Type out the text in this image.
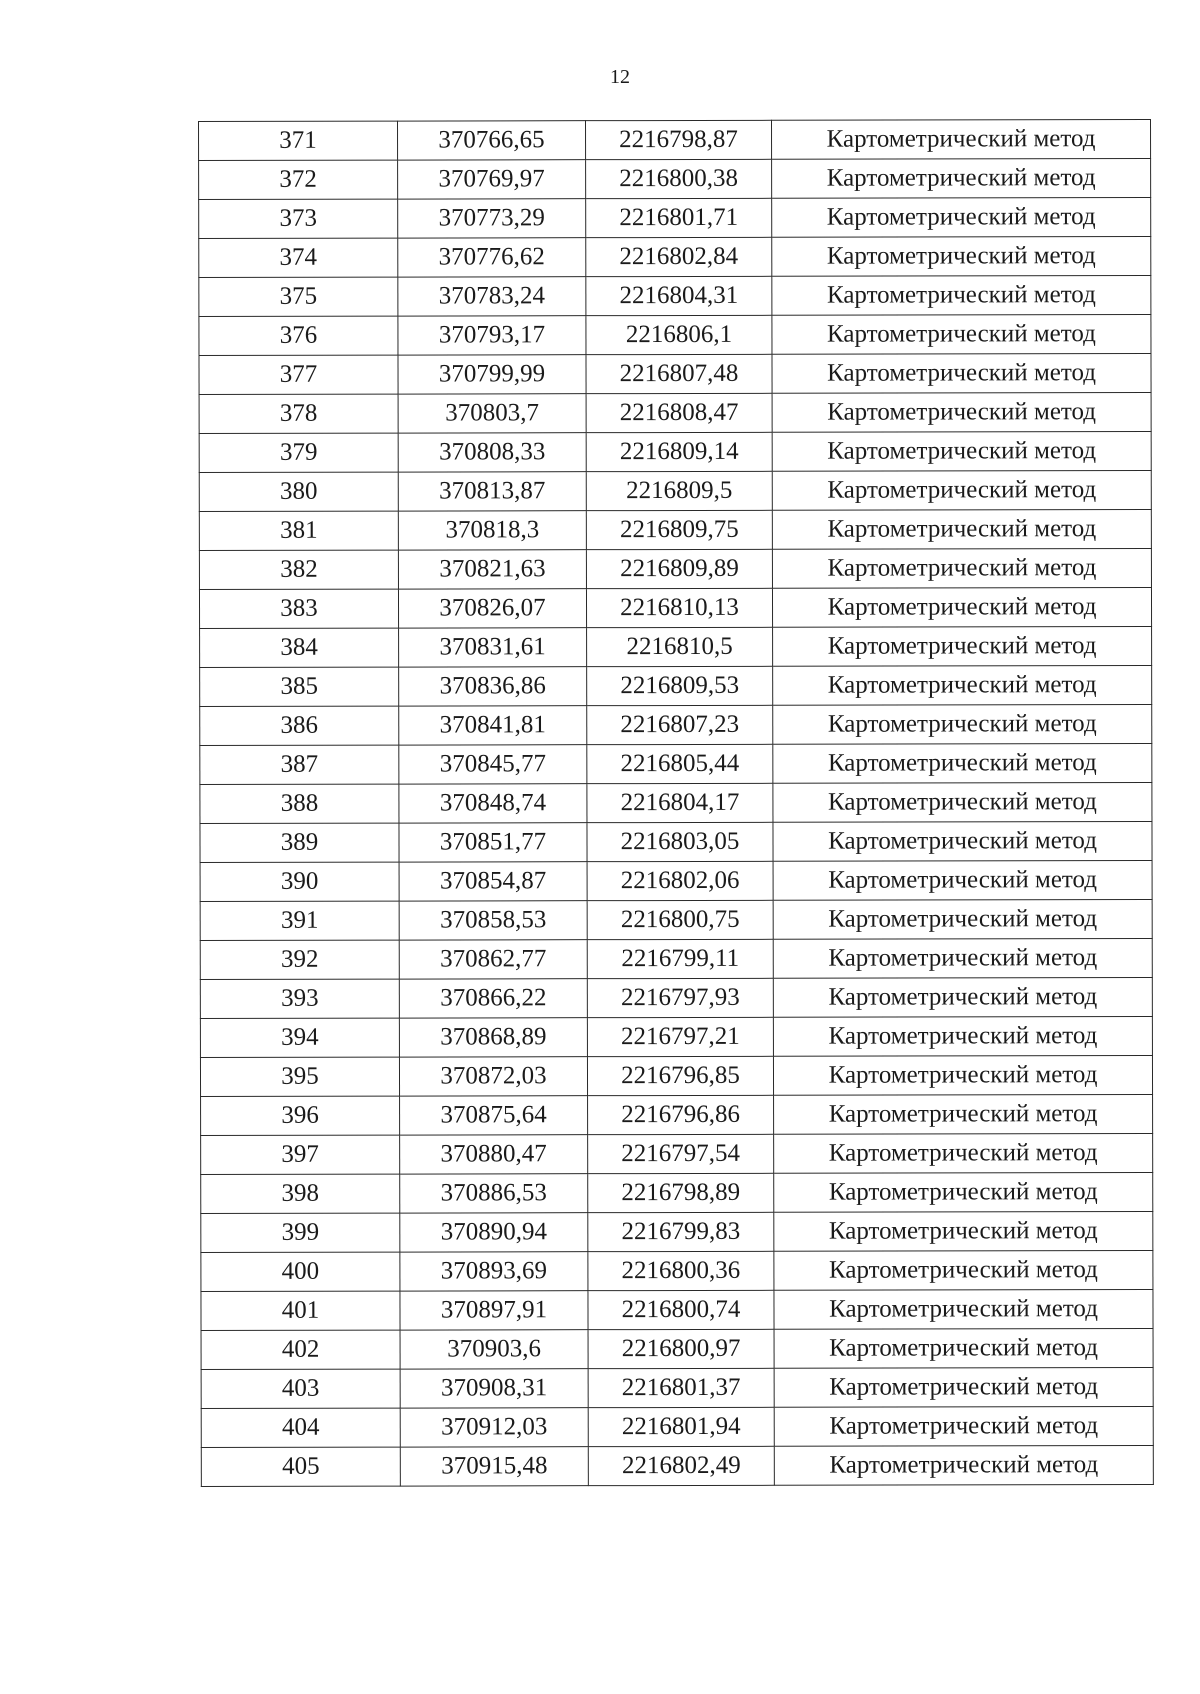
12
371	370766,65	2216798,87	Картометрический метод
372	370769,97	2216800,38	Картометрический метод
373	370773,29	2216801,71	Картометрический метод
374	370776,62	2216802,84	Картометрический метод
375	370783,24	2216804,31	Картометрический метод
376	370793,17	2216806,1	Картометрический метод
377	370799,99	2216807,48	Картометрический метод
378	370803,7	2216808,47	Картометрический метод
379	370808,33	2216809,14	Картометрический метод
380	370813,87	2216809,5	Картометрический метод
381	370818,3	2216809,75	Картометрический метод
382	370821,63	2216809,89	Картометрический метод
383	370826,07	2216810,13	Картометрический метод
384	370831,61	2216810,5	Картометрический метод
385	370836,86	2216809,53	Картометрический метод
386	370841,81	2216807,23	Картометрический метод
387	370845,77	2216805,44	Картометрический метод
388	370848,74	2216804,17	Картометрический метод
389	370851,77	2216803,05	Картометрический метод
390	370854,87	2216802,06	Картометрический метод
391	370858,53	2216800,75	Картометрический метод
392	370862,77	2216799,11	Картометрический метод
393	370866,22	2216797,93	Картометрический метод
394	370868,89	2216797,21	Картометрический метод
395	370872,03	2216796,85	Картометрический метод
396	370875,64	2216796,86	Картометрический метод
397	370880,47	2216797,54	Картометрический метод
398	370886,53	2216798,89	Картометрический метод
399	370890,94	2216799,83	Картометрический метод
400	370893,69	2216800,36	Картометрический метод
401	370897,91	2216800,74	Картометрический метод
402	370903,6	2216800,97	Картометрический метод
403	370908,31	2216801,37	Картометрический метод
404	370912,03	2216801,94	Картометрический метод
405	370915,48	2216802,49	Картометрический метод
